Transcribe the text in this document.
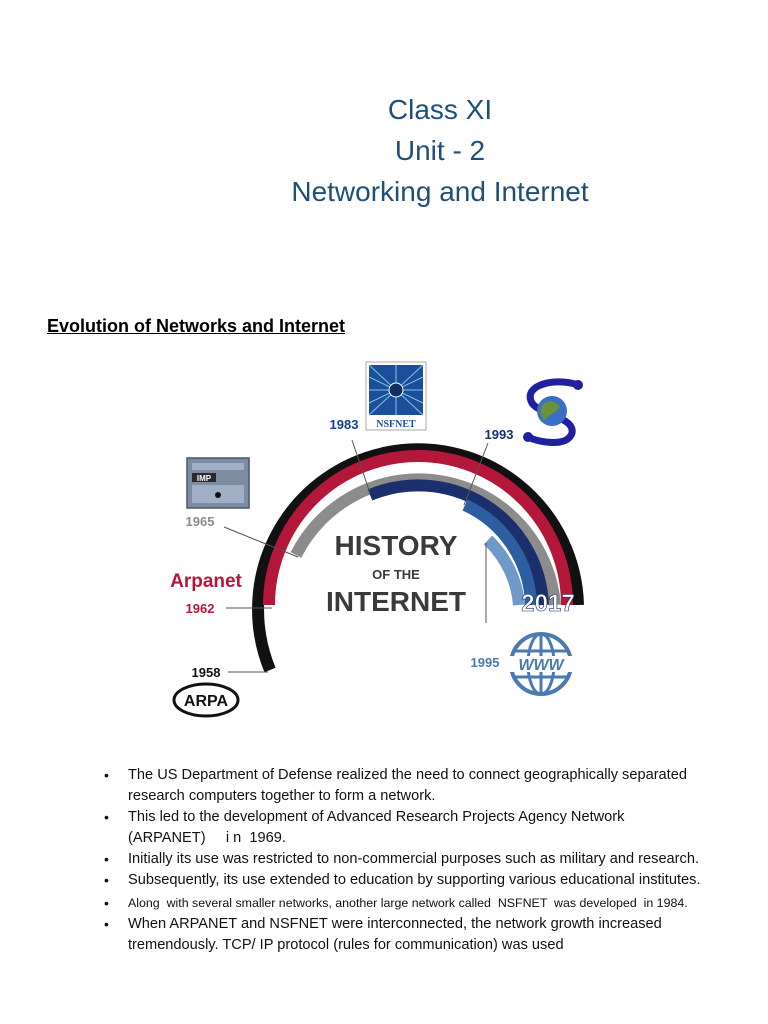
Class XI
Unit - 2
Networking and Internet
Evolution of Networks and Internet
HISTORY
OF THE
INTERNET 2017
1958
ARPA
Arpanet
1962
IMP
1965
1983 NSFNET
1993
1995 WWW
• The US Department of Defense realized the need to connect geographically separated research computers together to form a network.
• This led to the development of Advanced Research Projects Agency Network (ARPANET)     i n  1969.
• Initially its use was restricted to non-commercial purposes such as military and research.
• Subsequently, its use extended to education by supporting various educational institutes.
• Along  with several smaller networks, another large network called  NSFNET  was developed  in 1984.
• When ARPANET and NSFNET were interconnected, the network growth increased tremendously. TCP/ IP protocol (rules for communication) was used
